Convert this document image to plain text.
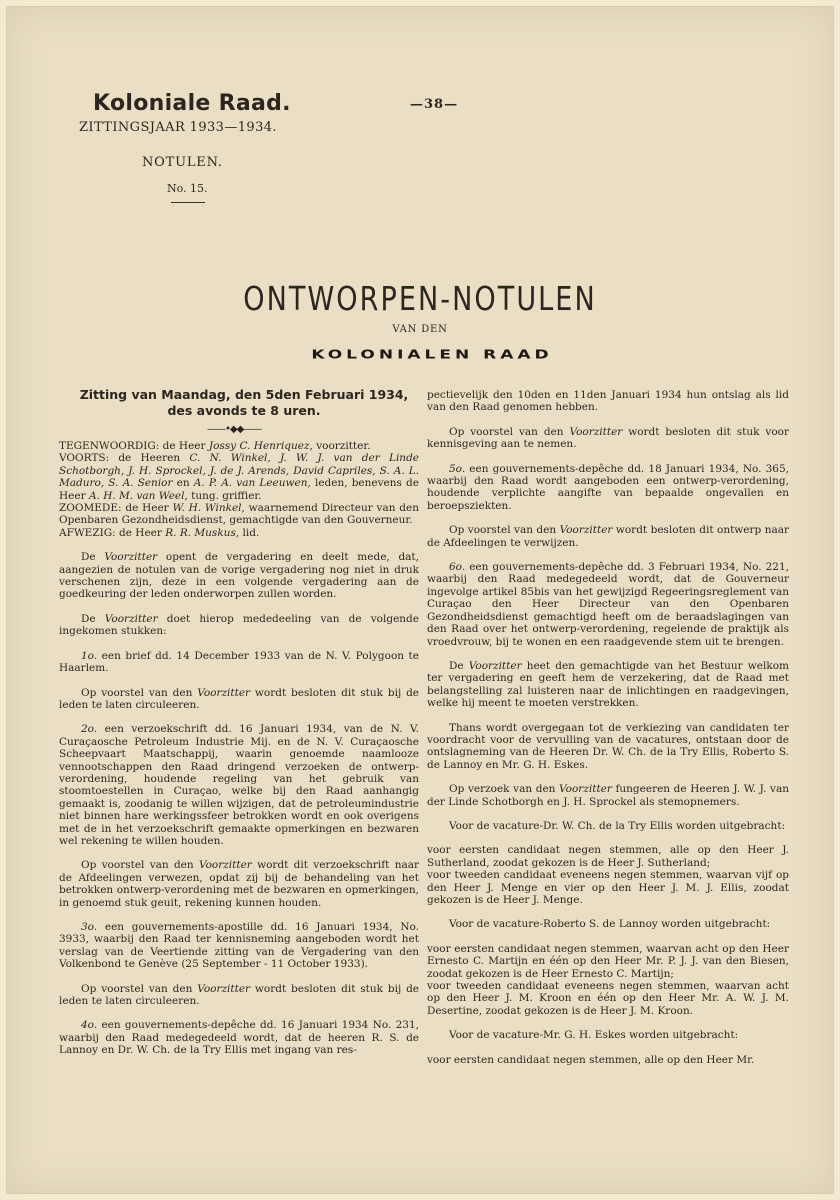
Koloniale Raad.
ZITTINGSJAAR 1933—1934.
NOTULEN.
No. 15.
—38—
ONTWORPEN-NOTULEN
VAN DEN
KOLONIALEN RAAD
Zitting van Maandag, den 5den Februari 1934,
des avonds te 8 uren.
——•◆◆——

TEGENWOORDIG: de Heer Jossy C. Henriquez, voorzitter.

VOORTS: de Heeren C. N. Winkel, J. W. J. van der Linde Schotborgh, J. H. Sprockel, J. de J. Arends, David Capriles, S. A. L. Maduro, S. A. Senior en A. P. A. van Leeuwen, leden, benevens de Heer A. H. M. van Weel, tung. griffier.

ZOOMEDE: de Heer W. H. Winkel, waarnemend Directeur van den Openbaren Gezondheidsdienst, gemachtigde van den Gouverneur.

AFWEZIG: de Heer R. R. Muskus, lid.

De Voorzitter opent de vergadering en deelt mede, dat, aangezien de notulen van de vorige vergadering nog niet in druk verschenen zijn, deze in een volgende vergadering aan de goedkeuring der leden onderworpen zullen worden.

De Voorzitter doet hierop mededeeling van de volgende ingekomen stukken:

1o. een brief dd. 14 December 1933 van de N. V. Polygoon te Haarlem.

Op voorstel van den Voorzitter wordt besloten dit stuk bij de leden te laten circuleeren.

2o. een verzoekschrift dd. 16 Januari 1934, van de N. V. Curaçaosche Petroleum Industrie Mij. en de N. V. Curaçaosche Scheepvaart Maatschappij, waarin genoemde naamlooze vennootschappen den Raad dringend verzoeken de ontwerp-verordening, houdende regeling van het gebruik van stoomtoestellen in Curaçao, welke bij den Raad aanhangig gemaakt is, zoodanig te willen wijzigen, dat de petroleumindustrie niet binnen hare werkingssfeer betrokken wordt en ook overigens met de in het verzoekschrift gemaakte opmerkingen en bezwaren wel rekening te willen houden.

Op voorstel van den Voorzitter wordt dit verzoekschrift naar de Afdeelingen verwezen, opdat zij bij de behandeling van het betrokken ontwerp-verordening met de bezwaren en opmerkingen, in genoemd stuk geuit, rekening kunnen houden.

3o. een gouvernements-apostille dd. 16 Januari 1934, No. 3933, waarbij den Raad ter kennisneming aangeboden wordt het verslag van de Veertiende zitting van de Vergadering van den Volkenbond te Genève (25 September - 11 October 1933).

Op voorstel van den Voorzitter wordt besloten dit stuk bij de leden te laten circuleeren.

4o. een gouvernements-depêche dd. 16 Januari 1934 No. 231, waarbij den Raad medegedeeld wordt, dat de heeren R. S. de Lannoy en Dr. W. Ch. de la Try Ellis met ingang van res-

pectievelijk den 10den en 11den Januari 1934 hun ontslag als lid van den Raad genomen hebben.

Op voorstel van den Voorzitter wordt besloten dit stuk voor kennisgeving aan te nemen.

5o. een gouvernements-depêche dd. 18 Januari 1934, No. 365, waarbij den Raad wordt aangeboden een ontwerp-verordening, houdende verplichte aangifte van bepaalde ongevallen en beroepsziekten.

Op voorstel van den Voorzitter wordt besloten dit ontwerp naar de Afdeelingen te verwijzen.

6o. een gouvernements-depêche dd. 3 Februari 1934, No. 221, waarbij den Raad medegedeeld wordt, dat de Gouverneur ingevolge artikel 85bis van het gewijzigd Regeeringsreglement van Curaçao den Heer Directeur van den Openbaren Gezondheidsdienst gemachtigd heeft om de beraadslagingen van den Raad over het ontwerp-verordening, regelende de praktijk als vroedvrouw, bij te wonen en een raadgevende stem uit te brengen.

De Voorzitter heet den gemachtigde van het Bestuur welkom ter vergadering en geeft hem de verzekering, dat de Raad met belangstelling zal luisteren naar de inlichtingen en raadgevingen, welke hij meent te moeten verstrekken.

Thans wordt overgegaan tot de verkiezing van candidaten ter voordracht voor de vervulling van de vacatures, ontstaan door de ontslagneming van de Heeren Dr. W. Ch. de la Try Ellis, Roberto S. de Lannoy en Mr. G. H. Eskes.

Op verzoek van den Voorzitter fungeeren de Heeren J. W. J. van der Linde Schotborgh en J. H. Sprockel als stemopnemers.

Voor de vacature-Dr. W. Ch. de la Try Ellis worden uitgebracht:

voor eersten candidaat negen stemmen, alle op den Heer J. Sutherland, zoodat gekozen is de Heer J. Sutherland;

voor tweeden candidaat eveneens negen stemmen, waarvan vijf op den Heer J. Menge en vier op den Heer J. M. J. Ellis, zoodat gekozen is de Heer J. Menge.

Voor de vacature-Roberto S. de Lannoy worden uitgebracht:

voor eersten candidaat negen stemmen, waarvan acht op den Heer Ernesto C. Martijn en één op den Heer Mr. P. J. J. van den Biesen, zoodat gekozen is de Heer Ernesto C. Martijn;

voor tweeden candidaat eveneens negen stemmen, waarvan acht op den Heer J. M. Kroon en één op den Heer Mr. A. W. J. M. Desertine, zoodat gekozen is de Heer J. M. Kroon.

Voor de vacature-Mr. G. H. Eskes worden uitgebracht:

voor eersten candidaat negen stemmen, alle op den Heer Mr.
